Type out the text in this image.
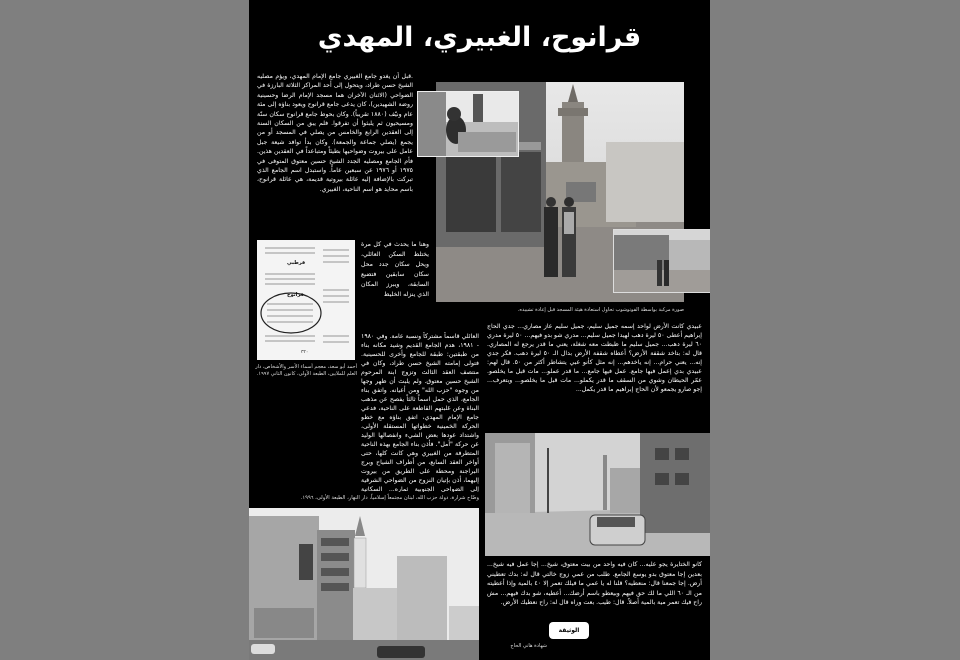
قرانوح، الغبيري، المهدي
.قبل أن يغدو جامع الغبيري جامع الإمام المهدي، ويؤم مصليه الشيخ حسن طراد، ويتحول إلى أحد المراكز الثلاثة البارزة في الضواحي (الاثنان الآخران هما مسجد الإمام الرضا وحسينية روضة الشهيدين)، كان يدعى جامع قرانوح ويعود بناؤه إلى مئة عام ونيّف (١٨٨٠ تقريباً). وكان بحوط جامع قرانوح سكان سنّة ومسيحيون ثم يلبثوا أن تفرقوا. فلم يبق من السكان السنة إلى العقدين الرابع والخامس من يصلي في المسجد أو من يجمع (يصلي جماعة والجمعة). وكان بدأ توافد شيعة جبل عامل على بيروت وضواحيها بطيئاً ومتباعداً في العقدين هذين. فأم الجامع ومصليه الجدد الشيخ حسين معتوق المتوفى في ١٩٧٥ أو ١٩٧٦ عن سبعين عاماً. واستبدل اسم الجامع الذي تبركت بالإضافة إليه عائلة بيروتية قديمة، هي عائلة قرانوح، باسم محايد هو اسم الناحية، الغبيري.
صورة مركبة بواسطة الفوتوشوب تحاول استعادة هيئة المسجد قبل إعادة تشييده.
قرطبي
قرانوح
٣٣٠
أحمد أبو سعد، معجم أسماء الأسر والأشخاص، دار العلم للملايين، الطبعة الأولى، كانون الثاني ١٩٩٧.
وهنا ما يحدث في كل مرة يختلط السكن العائلي، ويحل سكان جدد محل سكان سابقين فتضيع السابقة، ويبرز المكان الذي ينزله الخليط
العائلي قاسماً مشتركاً ونسبة عامة. وفي ١٩٨٠ - ١٩٨١، هدم الجامع القديم وشيد مكانه بناء من طبقتين: طبقة للجامع وأخرى للحسينية. فتولى إمامته الشيخ حسن طراد، وكان في منتصف العقد الثالث وتزوج ابنة المرحوم الشيخ حسين معتوق. ولم يلبث أن ظهر وجها من وجوه "حزب الله" ومن أعيانه. واتفق بناء الجامع، الذي حمل اسماً ثالثاً يفصح عن مذهب البناة وعن غلبتهم القاطعة على الناحية، فدعي جامع الإمام المهدي، اتفق بناؤه مع خطو الحركة الخمينية خطواتها المستقلة الأولى، واشتداد عودها بعض الشيء وانفصالها الوليد عن حركة "أمل". فأذن بناء الجامع بهذه الناحية المتطرفة من الغبيري وهي كانت كلها، حتى أواخر العقد السابع، من أطراف الشياح وبرج البراجنة ومحطة على الطريق من بيروت إليهما، أذن بإتيان النزوح من الضواحي الشرقية إلى الضواحي الجنوبية ثماره... السكانية
وضّاح شرارة، دولة حزب الله، لبنان مجتمعاً إسلامياً، دار النهار، الطبعة الأولى، ١٩٩٦.
عبيدي كانت الأرض لواحد إسمه جميل سليم، جميل سليم عاز مصاري... جدي الحاج إبراهيم أعطى ٥٠ ليرة دهب لهيدا جميل سليم... مدري شو بدو فيهم... ٥٠ ليرة مدري ٦٠ ليرة دهب... جميل سليم ما ظبطت معه شغلة، يعني ما قدر يرجع له المصاري. قال له: بتاخد شقفة الأرض؟ أعطاه شقفة الأرض بدال الـ ٥٠ ليرة دهب. فكر جدي إنه... يعني حرام... إنه ياخدهم... إنه مثل كأنو عبي يتشاطر أكثر من ٥٠. قال لهم: عبيدي بدي إعمل فيها جامع. عمل فيها جامع... ما قدر عملو... مات قبل ما يخلصو. عمّر الحيطان وشوي من السقف ما قدر يكملو... مات قبل ما يخلصو... وبتعرف... إجو صارو يجمعو لأن الحاج إبراهيم ما قدر يكمل...
كانو الختايرة يجو عليه... كان فيه واحد من بيت معتوق، شيخ... إجا عمل فيه شيخ... بعدين إجا معتوق بدو يوسع الجامع. طلب من عمي زوج خالتي قال له: بدك تعطيني أرض. إجا جمعنا قال: منعطيه؟ قلنا له يا عمي ما فيلك تعمر إلا ٤٠ بالمية وإذا أعطيته من الـ ٦٠ اللي ما لك حق فيهم وبيعطو باسم أرضك... أعطيه، شو بدك فيهم... مش راح فيك تعمر مية بالمية أصلاً. قال: طيب. بعت وراه قال له: راح نعطيك الأرض.
الوثيقة
شهادة هاني الحاج
